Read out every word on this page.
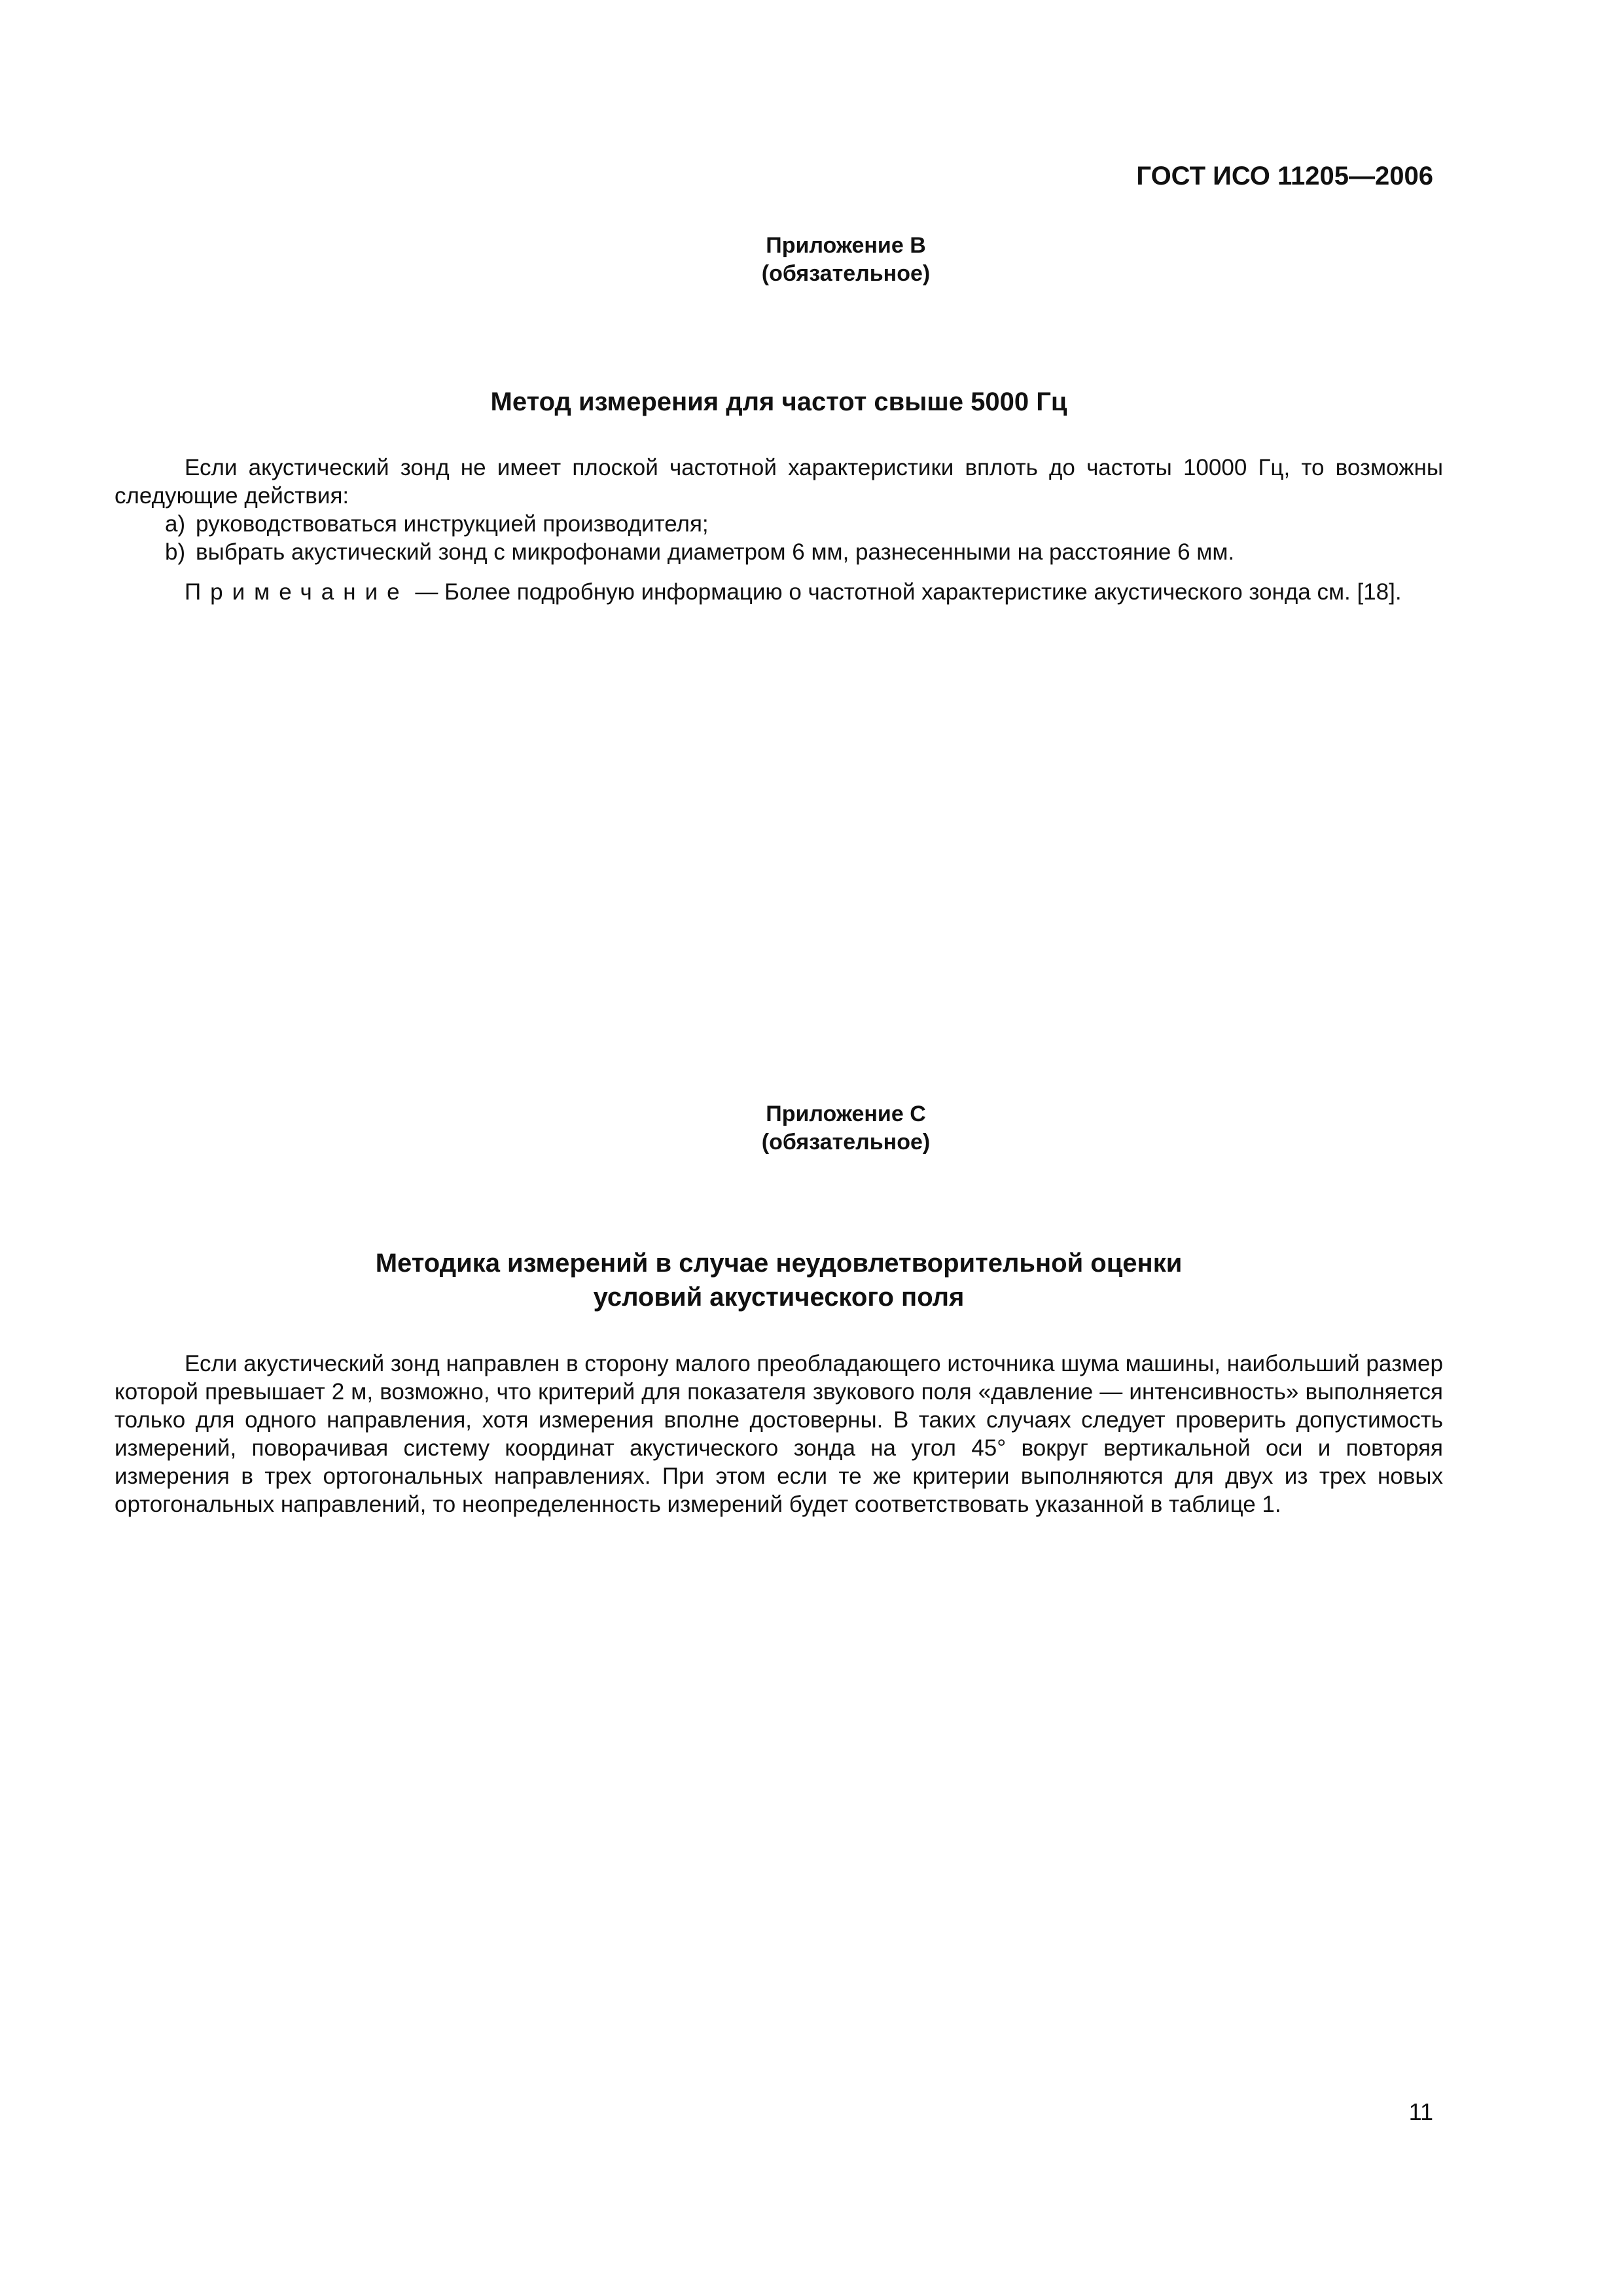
ГОСТ ИСО 11205—2006
Приложение В
(обязательное)
Метод измерения для частот свыше 5000 Гц

Если акустический зонд не имеет плоской частотной характеристики вплоть до частоты 10000 Гц, то возможны следующие действия:

a) руководствоваться инструкцией производителя;

b) выбрать акустический зонд с микрофонами диаметром 6 мм, разнесенными на расстояние 6 мм.

Примечание — Более подробную информацию о частотной характеристике акустического зонда см. [18].

Приложение С
(обязательное)
Методика измерений в случае неудовлетворительной оценки
условий акустического поля

Если акустический зонд направлен в сторону малого преобладающего источника шума машины, наибольший размер которой превышает 2 м, возможно, что критерий для показателя звукового поля «давление — интенсивность» выполняется только для одного направления, хотя измерения вполне достоверны. В таких случаях следует проверить допустимость измерений, поворачивая систему координат акустического зонда на угол 45° вокруг вертикальной оси и повторяя измерения в трех ортогональных направлениях. При этом если те же критерии выполняются для двух из трех новых ортогональных направлений, то неопределенность измерений будет соответствовать указанной в таблице 1.

11
